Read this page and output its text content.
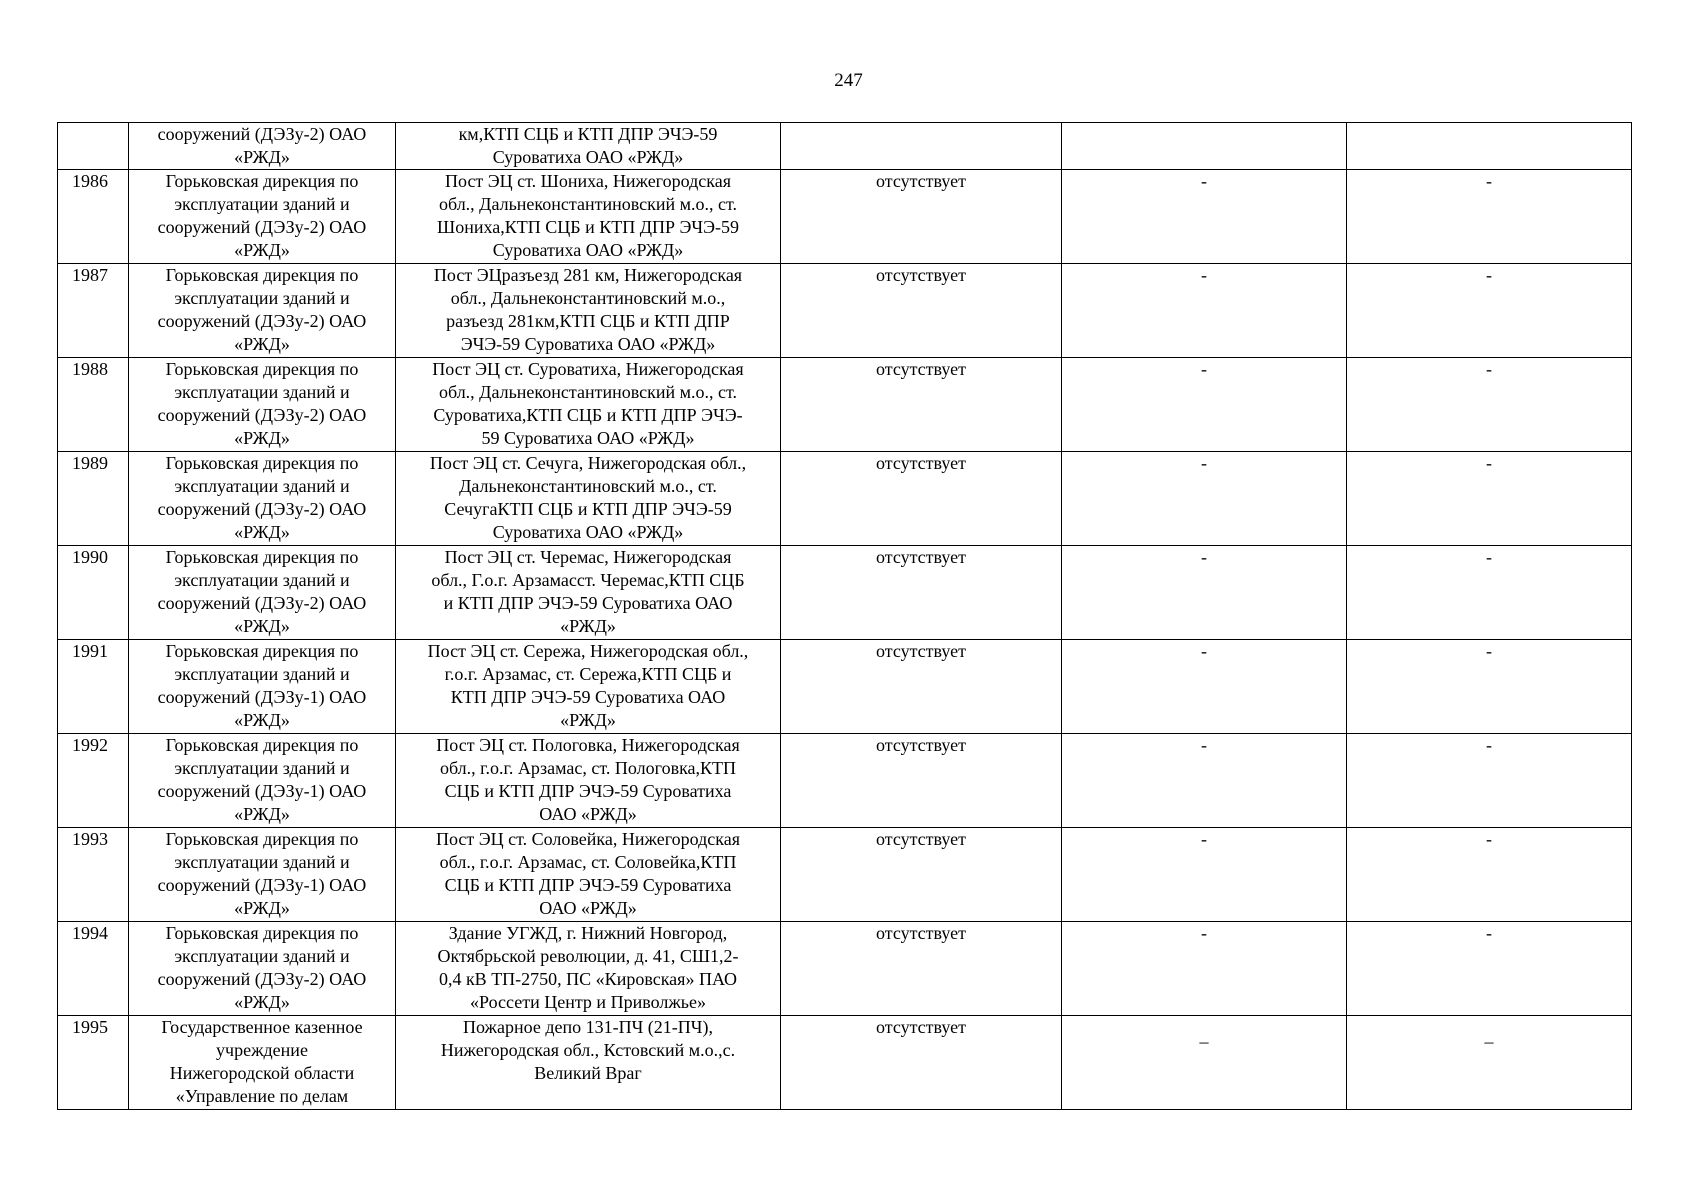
247
	сооружений (ДЭЗу-2) ОАО
«РЖД»	км,КТП СЦБ и КТП ДПР ЭЧЭ-59
Суроватиха ОАО «РЖД»			
1986	Горьковская дирекция по
эксплуатации зданий и
сооружений (ДЭЗу-2) ОАО
«РЖД»	Пост ЭЦ ст. Шониха, Нижегородская
обл., Дальнеконстантиновский м.о., ст.
Шониха,КТП СЦБ и КТП ДПР ЭЧЭ-59
Суроватиха ОАО «РЖД»	отсутствует	-	-
1987	Горьковская дирекция по
эксплуатации зданий и
сооружений (ДЭЗу-2) ОАО
«РЖД»	Пост ЭЦразъезд 281 км, Нижегородская
обл., Дальнеконстантиновский м.о.,
разъезд 281км,КТП СЦБ и КТП ДПР
ЭЧЭ-59 Суроватиха ОАО «РЖД»	отсутствует	-	-
1988	Горьковская дирекция по
эксплуатации зданий и
сооружений (ДЭЗу-2) ОАО
«РЖД»	Пост ЭЦ ст. Суроватиха, Нижегородская
обл., Дальнеконстантиновский м.о., ст.
Суроватиха,КТП СЦБ и КТП ДПР ЭЧЭ-
59 Суроватиха ОАО «РЖД»	отсутствует	-	-
1989	Горьковская дирекция по
эксплуатации зданий и
сооружений (ДЭЗу-2) ОАО
«РЖД»	Пост ЭЦ ст. Сечуга, Нижегородская обл.,
Дальнеконстантиновский м.о., ст.
СечугаКТП СЦБ и КТП ДПР ЭЧЭ-59
Суроватиха ОАО «РЖД»	отсутствует	-	-
1990	Горьковская дирекция по
эксплуатации зданий и
сооружений (ДЭЗу-2) ОАО
«РЖД»	Пост ЭЦ ст. Черемас, Нижегородская
обл., Г.о.г. Арзамасст. Черемас,КТП СЦБ
и КТП ДПР ЭЧЭ-59 Суроватиха ОАО
«РЖД»	отсутствует	-	-
1991	Горьковская дирекция по
эксплуатации зданий и
сооружений (ДЭЗу-1) ОАО
«РЖД»	Пост ЭЦ ст. Сережа, Нижегородская обл.,
г.о.г. Арзамас, ст. Сережа,КТП СЦБ и
КТП ДПР ЭЧЭ-59 Суроватиха ОАО
«РЖД»	отсутствует	-	-
1992	Горьковская дирекция по
эксплуатации зданий и
сооружений (ДЭЗу-1) ОАО
«РЖД»	Пост ЭЦ ст. Пологовка, Нижегородская
обл., г.о.г. Арзамас, ст. Пологовка,КТП
СЦБ и КТП ДПР ЭЧЭ-59 Суроватиха
ОАО «РЖД»	отсутствует	-	-
1993	Горьковская дирекция по
эксплуатации зданий и
сооружений (ДЭЗу-1) ОАО
«РЖД»	Пост ЭЦ ст. Соловейка, Нижегородская
обл., г.о.г. Арзамас, ст. Соловейка,КТП
СЦБ и КТП ДПР ЭЧЭ-59 Суроватиха
ОАО «РЖД»	отсутствует	-	-
1994	Горьковская дирекция по
эксплуатации зданий и
сооружений (ДЭЗу-2) ОАО
«РЖД»	Здание УГЖД, г. Нижний Новгород,
Октябрьской революции, д. 41, СШ1,2-
0,4 кВ ТП-2750, ПС «Кировская» ПАО
«Россети Центр и Приволжье»	отсутствует	-	-
1995	Государственное казенное
учреждение
Нижегородской области
«Управление по делам	Пожарное депо 131-ПЧ (21-ПЧ),
Нижегородская обл., Кстовский м.о.,с.
Великий Враг	отсутствует	_	_
